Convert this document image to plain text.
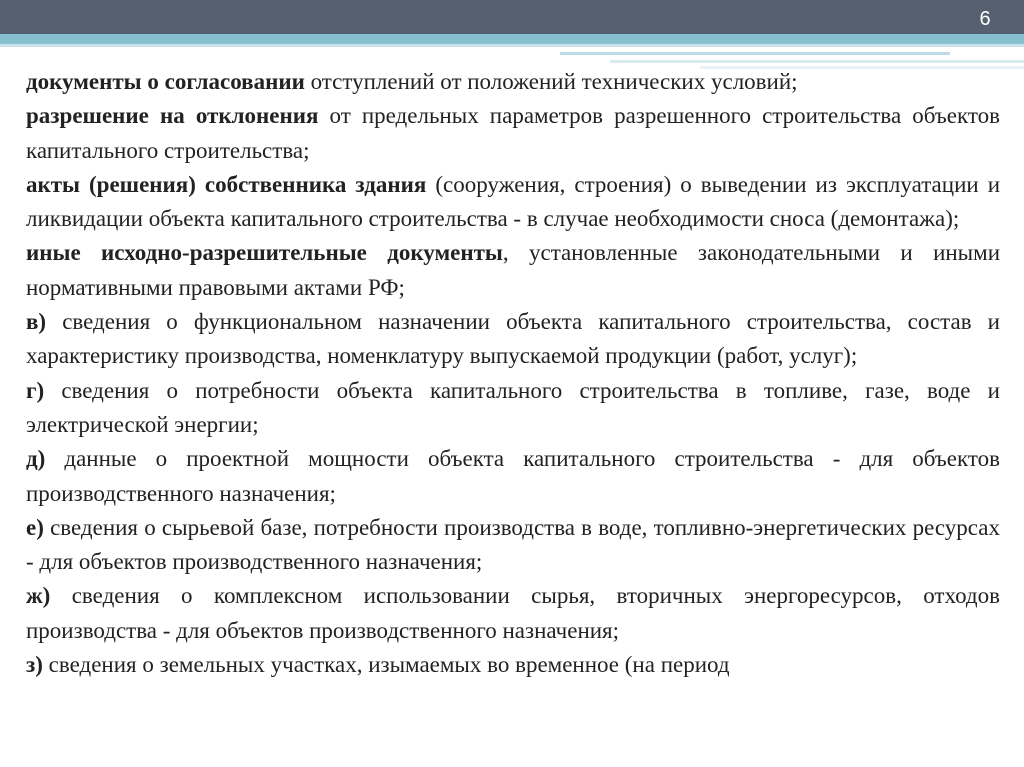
6

документы о согласовании отступлений от положений технических условий;

разрешение на отклонения от предельных параметров разрешенного строительства объектов капитального строительства;

акты (решения) собственника здания (сооружения, строения) о выведении из эксплуатации и ликвидации объекта капитального строительства - в случае необходимости сноса (демонтажа);

иные исходно-разрешительные документы, установленные законодательными и иными нормативными правовыми актами РФ;

в) сведения о функциональном назначении объекта капитального строительства, состав и характеристику производства, номенклатуру выпускаемой продукции (работ, услуг);

г) сведения о потребности объекта капитального строительства в топливе, газе, воде и электрической энергии;

д) данные о проектной мощности объекта капитального строительства - для объектов производственного назначения;

е) сведения о сырьевой базе, потребности производства в воде, топливно-энергетических ресурсах - для объектов производственного назначения;

ж) сведения о комплексном использовании сырья, вторичных энергоресурсов, отходов производства - для объектов производственного назначения;

з) сведения о земельных участках, изымаемых во временное (на период
